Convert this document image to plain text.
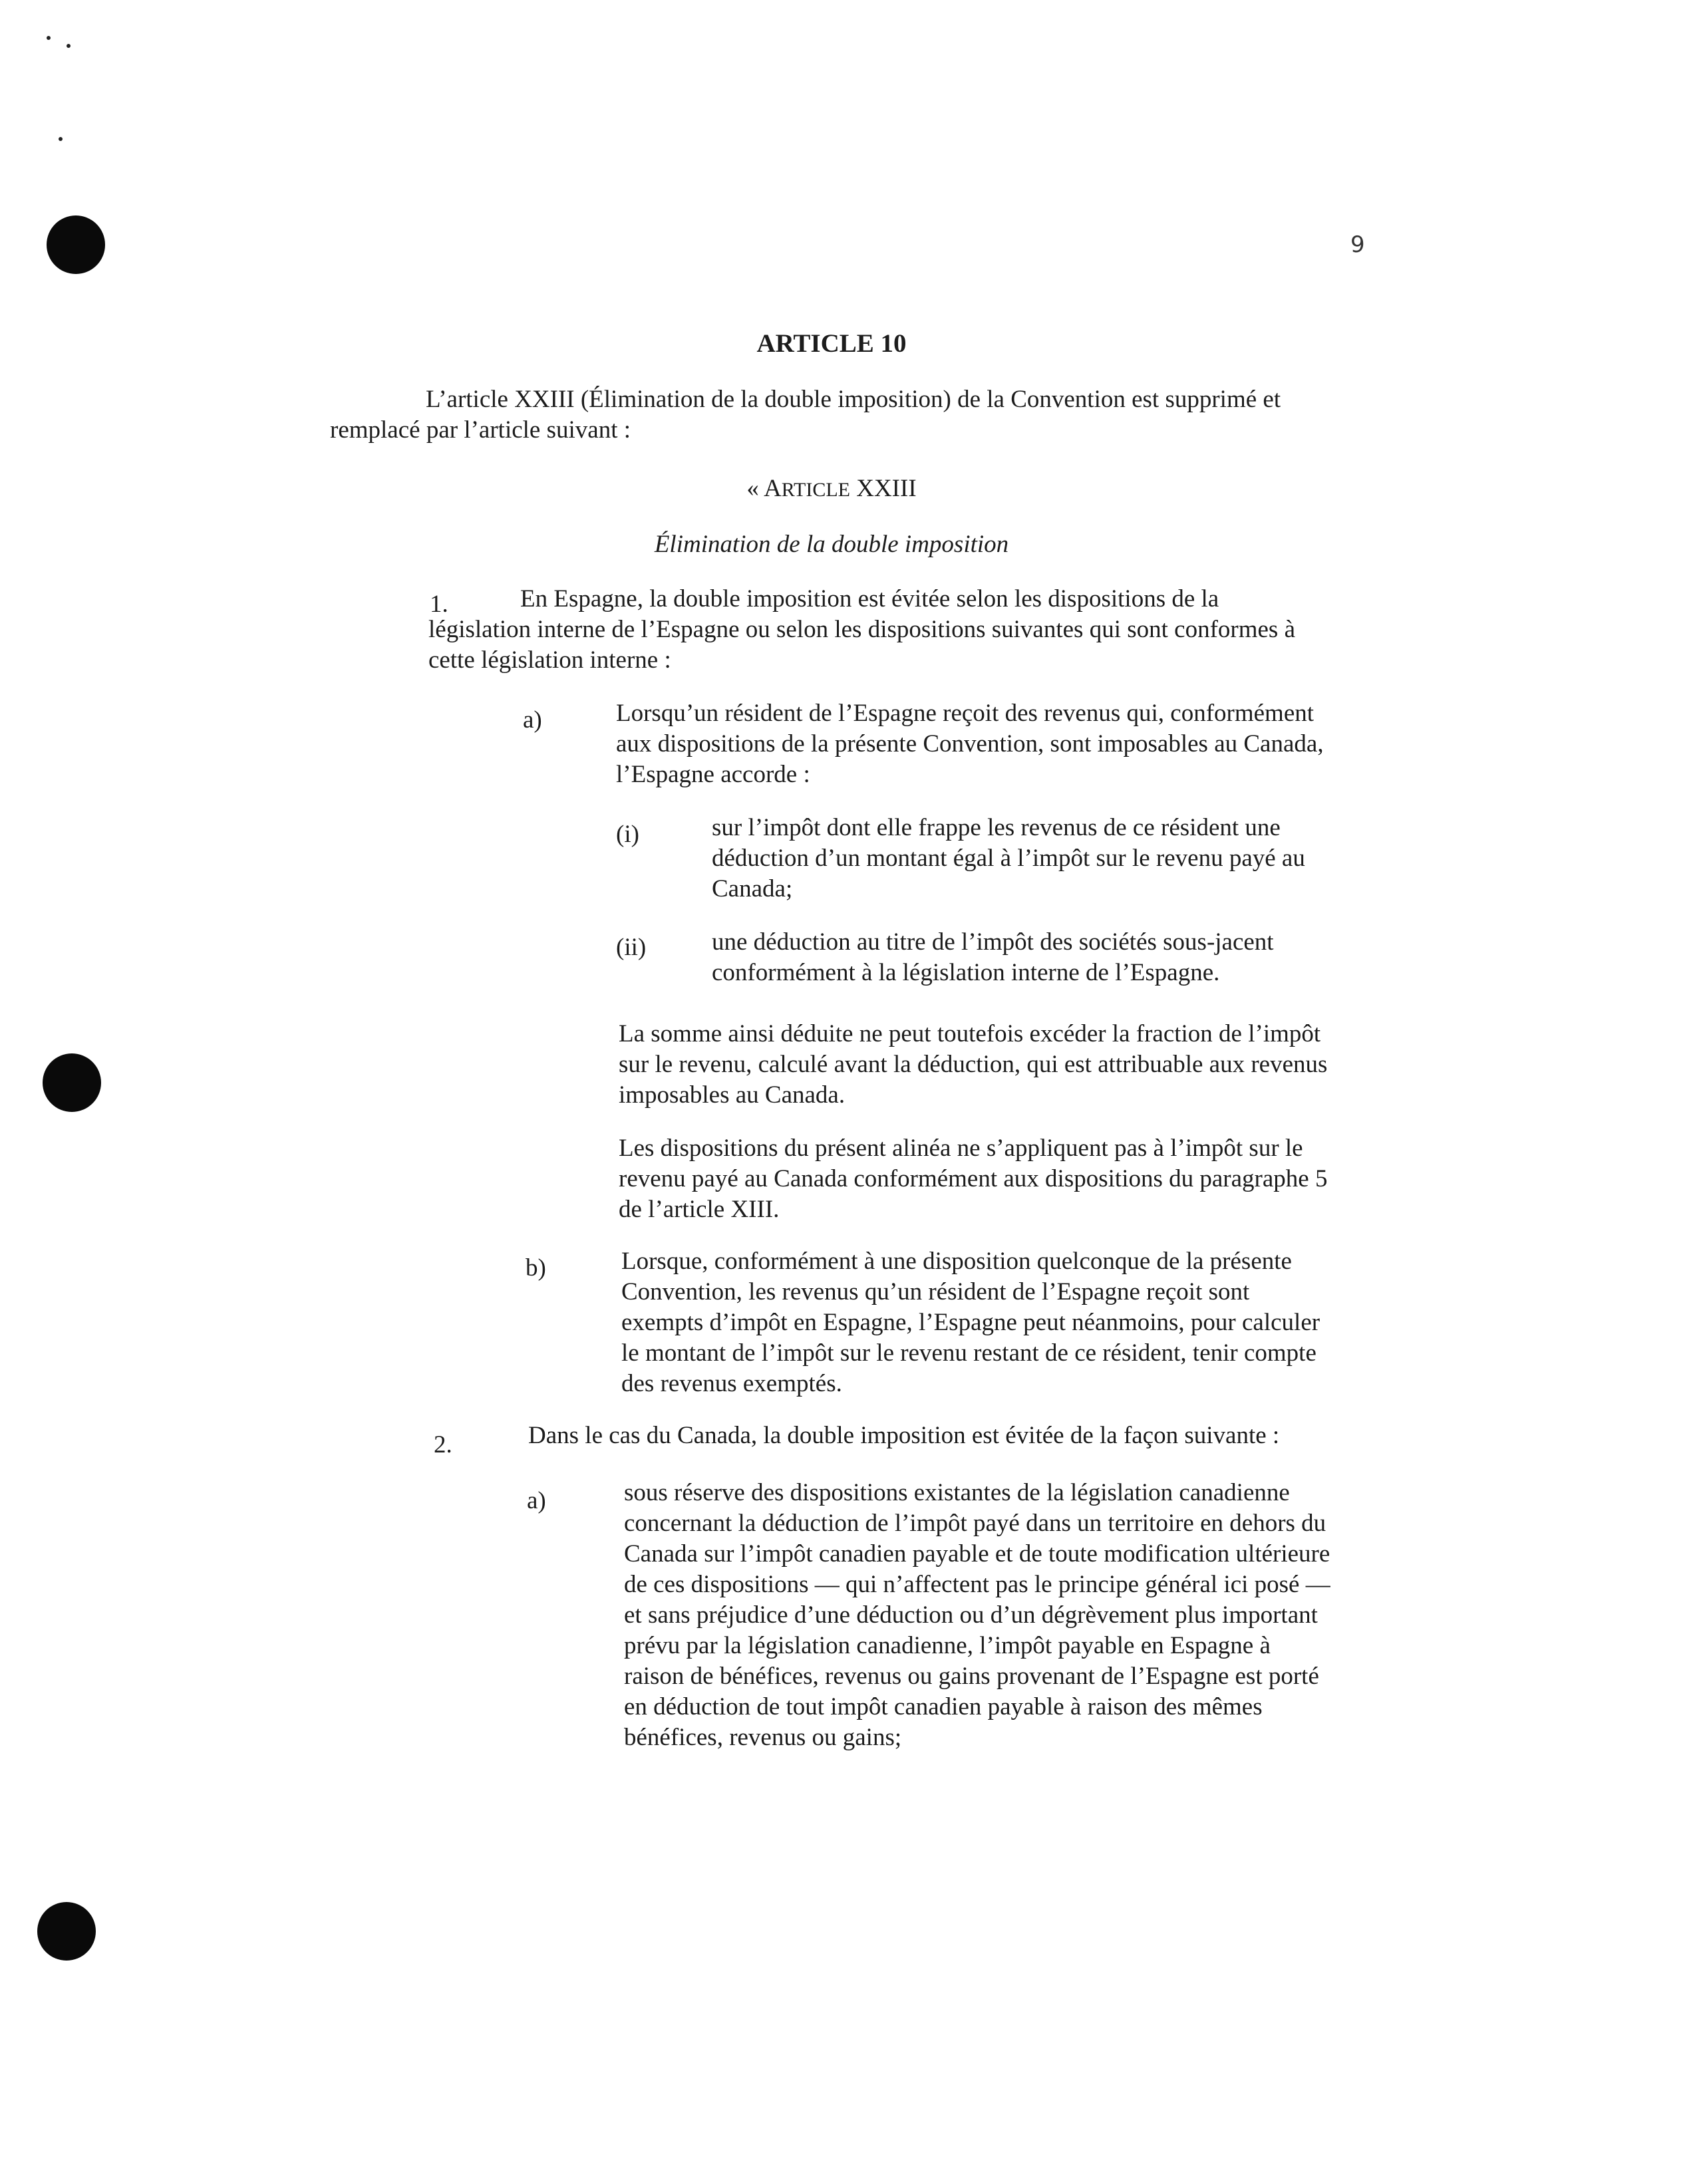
9
ARTICLE 10
L’article XXIII (Élimination de la double imposition) de la Convention est supprimé et
remplacé par l’article suivant :
« ARTICLE XXIII
Élimination de la double imposition
1.	En Espagne, la double imposition est évitée selon les dispositions de la
législation interne de l’Espagne ou selon les dispositions suivantes qui sont conformes à
cette législation interne :
a)	Lorsqu’un résident de l’Espagne reçoit des revenus qui, conformément
aux dispositions de la présente Convention, sont imposables au Canada,
l’Espagne accorde :
(i)	sur l’impôt dont elle frappe les revenus de ce résident une
déduction d’un montant égal à l’impôt sur le revenu payé au
Canada;
(ii)	une déduction au titre de l’impôt des sociétés sous-jacent
conformément à la législation interne de l’Espagne.
La somme ainsi déduite ne peut toutefois excéder la fraction de l’impôt
sur le revenu, calculé avant la déduction, qui est attribuable aux revenus
imposables au Canada.
Les dispositions du présent alinéa ne s’appliquent pas à l’impôt sur le
revenu payé au Canada conformément aux dispositions du paragraphe 5
de l’article XIII.
b)	Lorsque, conformément à une disposition quelconque de la présente
Convention, les revenus qu’un résident de l’Espagne reçoit sont
exempts d’impôt en Espagne, l’Espagne peut néanmoins, pour calculer
le montant de l’impôt sur le revenu restant de ce résident, tenir compte
des revenus exemptés.
2.	Dans le cas du Canada, la double imposition est évitée de la façon suivante :
a)	sous réserve des dispositions existantes de la législation canadienne
concernant la déduction de l’impôt payé dans un territoire en dehors du
Canada sur l’impôt canadien payable et de toute modification ultérieure
de ces dispositions — qui n’affectent pas le principe général ici posé —
et sans préjudice d’une déduction ou d’un dégrèvement plus important
prévu par la législation canadienne, l’impôt payable en Espagne à
raison de bénéfices, revenus ou gains provenant de l’Espagne est porté
en déduction de tout impôt canadien payable à raison des mêmes
bénéfices, revenus ou gains;
